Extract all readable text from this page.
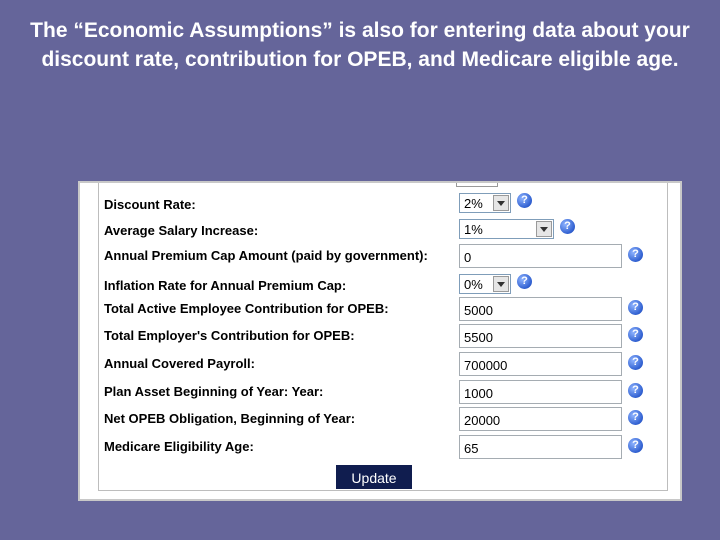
The “Economic Assumptions” is also for entering data about your discount rate, contribution for OPEB, and Medicare eligible age.
Discount Rate:	2%	?
Average Salary Increase:	1%	?
Annual Premium Cap Amount (paid by government):	0	?
Inflation Rate for Annual Premium Cap:	0%	?
Total Active Employee Contribution for OPEB:	5000	?
Total Employer's Contribution for OPEB:	5500	?
Annual Covered Payroll:	700000	?
Plan Asset Beginning of Year: Year:	1000	?
Net OPEB Obligation, Beginning of Year:	20000	?
Medicare Eligibility Age:	65	?
Update
